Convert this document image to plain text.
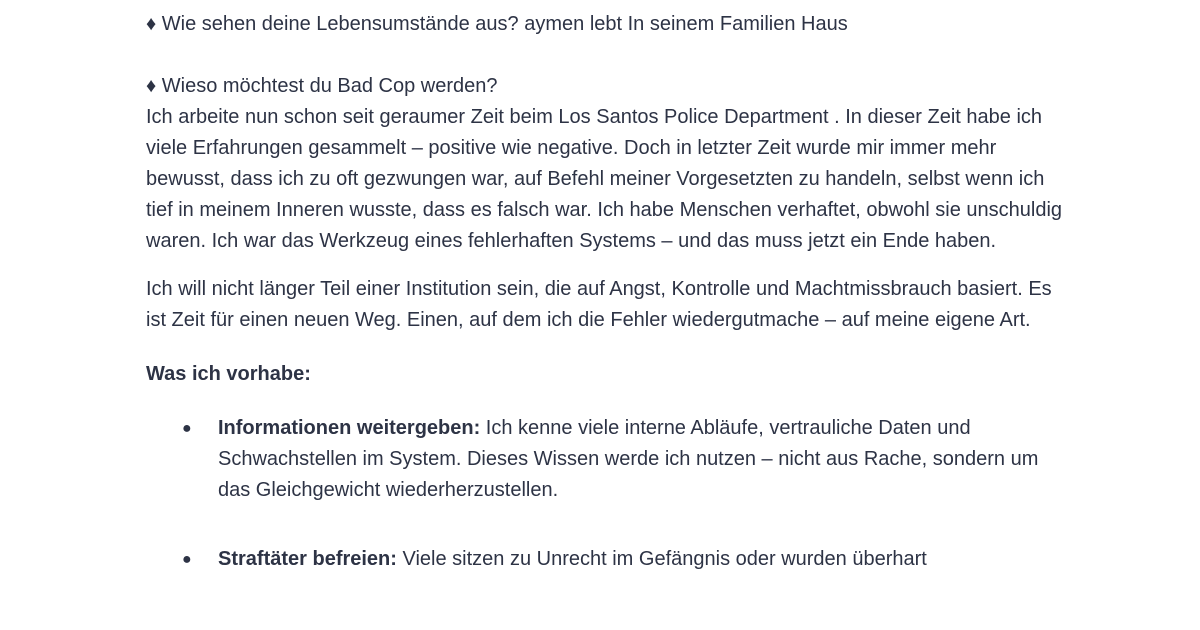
♦ Wie sehen deine Lebensumstände aus? aymen lebt In seinem Familien Haus

♦ Wieso möchtest du Bad Cop werden?

Ich arbeite nun schon seit geraumer Zeit beim Los Santos Police Department . In dieser Zeit habe ich viele Erfahrungen gesammelt – positive wie negative. Doch in letzter Zeit wurde mir immer mehr bewusst, dass ich zu oft gezwungen war, auf Befehl meiner Vorgesetzten zu handeln, selbst wenn ich tief in meinem Inneren wusste, dass es falsch war. Ich habe Menschen verhaftet, obwohl sie unschuldig waren. Ich war das Werkzeug eines fehlerhaften Systems – und das muss jetzt ein Ende haben.

Ich will nicht länger Teil einer Institution sein, die auf Angst, Kontrolle und Machtmissbrauch basiert. Es ist Zeit für einen neuen Weg. Einen, auf dem ich die Fehler wiedergutmache – auf meine eigene Art.

Was ich vorhabe:

● Informationen weitergeben: Ich kenne viele interne Abläufe, vertrauliche Daten und Schwachstellen im System. Dieses Wissen werde ich nutzen – nicht aus Rache, sondern um das Gleichgewicht wiederherzustellen.
● Straftäter befreien: Viele sitzen zu Unrecht im Gefängnis oder wurden überhart
